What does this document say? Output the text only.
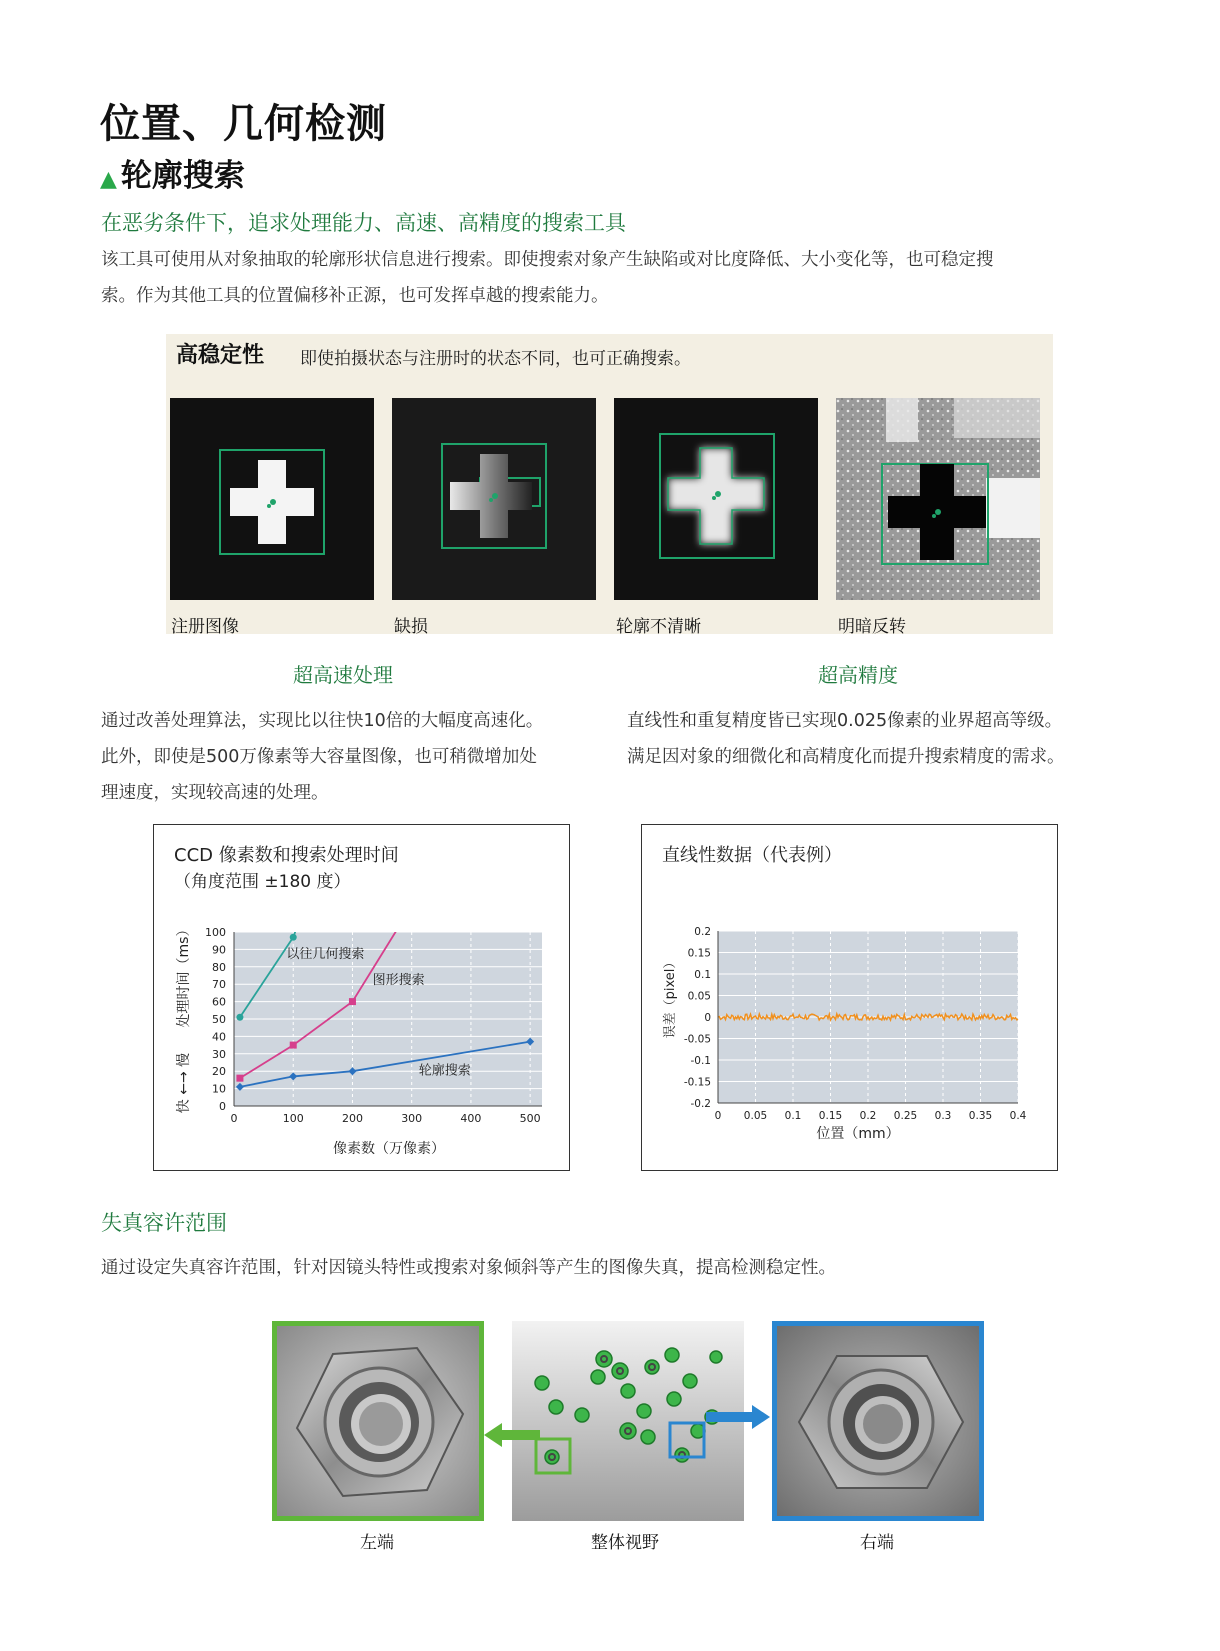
位置、几何检测
▲ 轮廓搜索
在恶劣条件下，追求处理能力、高速、高精度的搜索工具
该工具可使用从对象抽取的轮廓形状信息进行搜索。即使搜索对象产生缺陷或对比度降低、大小变化等，也可稳定搜
索。作为其他工具的位置偏移补正源，也可发挥卓越的搜索能力。
高稳定性 即使拍摄状态与注册时的状态不同，也可正确搜索。
注册图像	缺损	轮廓不清晰	明暗反转
超高速处理
通过改善处理算法，实现比以往快10倍的大幅度高速化。
此外，即使是500万像素等大容量图像，也可稍微增加处
理速度，实现较高速的处理。
超高精度
直线性和重复精度皆已实现0.025像素的业界超高等级。
满足因对象的细微化和高精度化而提升搜索精度的需求。
CCD 像素数和搜索处理时间
（角度范围 ±180 度）
0
10
20
30
40
50
60
70
80
90
100
0	100	200	300	400	500
以往几何搜索
图形搜索
轮廓搜索
像素数（万像素）
处理时间（ms）
快 ←→ 慢
直线性数据（代表例）
0.2
0.15
0.1
0.05
0
-0.05
-0.1
-0.15
-0.2
0 0.05 0.1 0.15 0.2 0.25 0.3 0.35 0.4
位置（mm）
误差（pixel）
失真容许范围
通过设定失真容许范围，针对因镜头特性或搜索对象倾斜等产生的图像失真，提高检测稳定性。
左端	整体视野	右端
